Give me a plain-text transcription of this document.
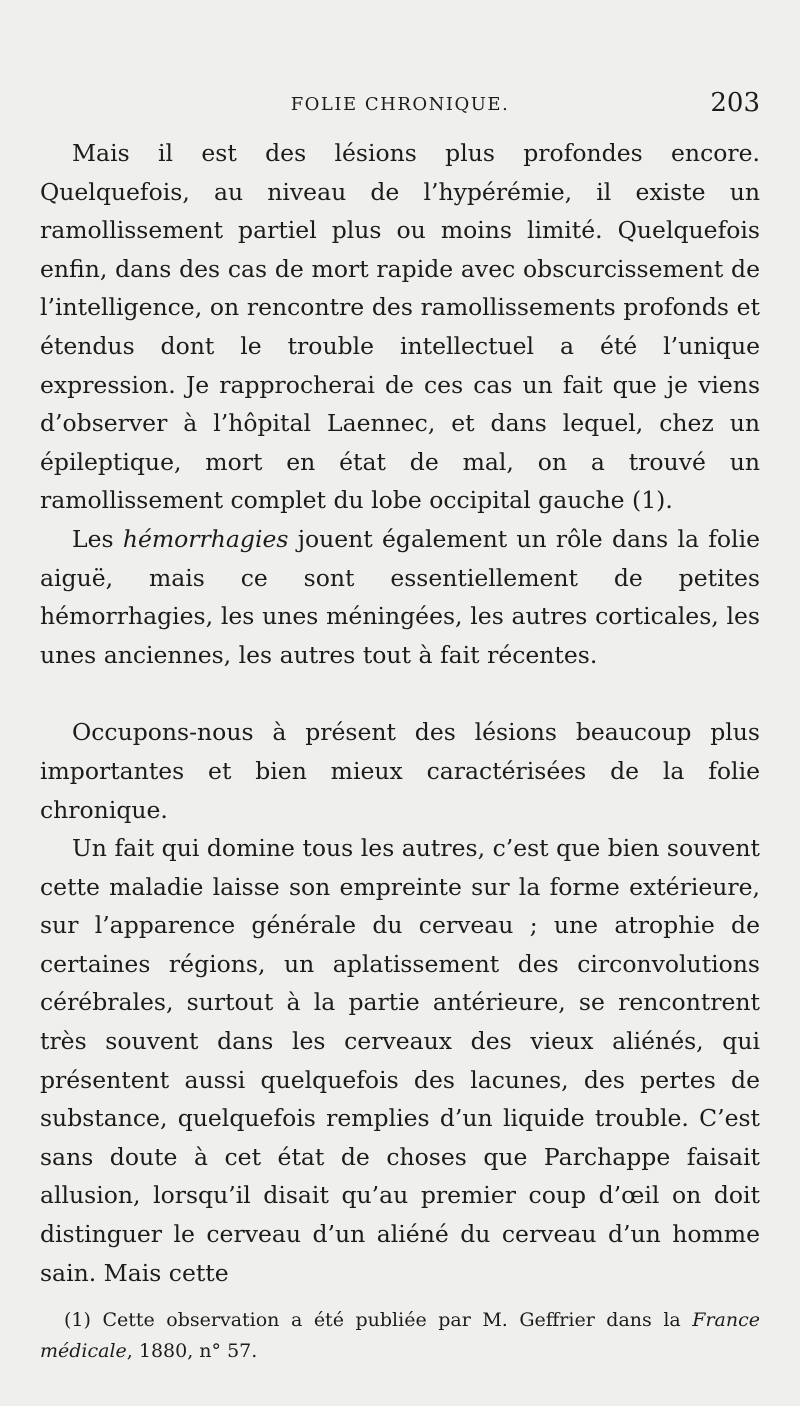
FOLIE CHRONIQUE.	203

Mais il est des lésions plus profondes encore. Quelquefois, au niveau de l’hypérémie, il existe un ramollissement partiel plus ou moins limité. Quelquefois enfin, dans des cas de mort rapide avec obscurcissement de l’intelligence, on rencontre des ramollissements profonds et étendus dont le trouble intellectuel a été l’unique expression. Je rapprocherai de ces cas un fait que je viens d’observer à l’hôpital Laennec, et dans lequel, chez un épileptique, mort en état de mal, on a trouvé un ramollissement complet du lobe occipital gauche (1).

Les hémorrhagies jouent également un rôle dans la folie aiguë, mais ce sont essentiellement de petites hémorrhagies, les unes méningées, les autres corticales, les unes anciennes, les autres tout à fait récentes.

Occupons-nous à présent des lésions beaucoup plus importantes et bien mieux caractérisées de la folie chronique.

Un fait qui domine tous les autres, c’est que bien souvent cette maladie laisse son empreinte sur la forme extérieure, sur l’apparence générale du cerveau ; une atrophie de certaines régions, un aplatissement des circonvolutions cérébrales, surtout à la partie antérieure, se rencontrent très souvent dans les cerveaux des vieux aliénés, qui présentent aussi quelquefois des lacunes, des pertes de substance, quelquefois remplies d’un liquide trouble. C’est sans doute à cet état de choses que Parchappe faisait allusion, lorsqu’il disait qu’au premier coup d’œil on doit distinguer le cerveau d’un aliéné du cerveau d’un homme sain. Mais cette

(1) Cette observation a été publiée par M. Geffrier dans la France médicale, 1880, n° 57.
